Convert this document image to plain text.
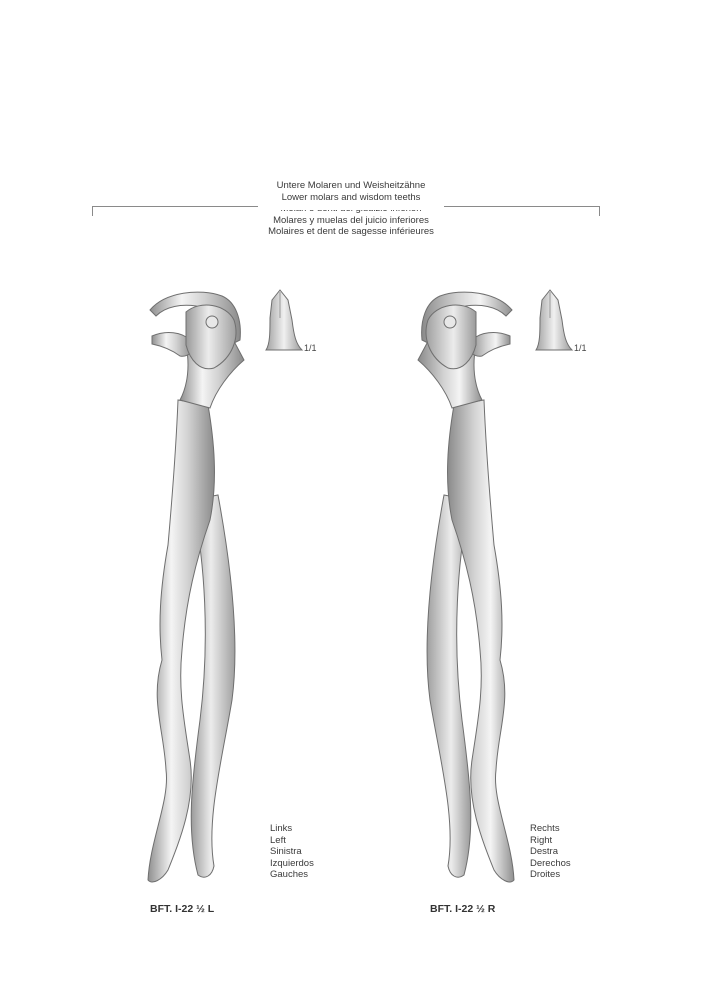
Untere Molaren und Weisheitzähne
Lower molars and wisdom teeths
Molares y muelas del juicio inferiores
Molaires et dent de sagesse inférieures
1/1	1/1
Links
Left
Sinistra
Izquierdos
Gauches
Rechts
Right
Destra
Derechos
Droites
BFT. I-22 ½ L	BFT. I-22 ½ R
